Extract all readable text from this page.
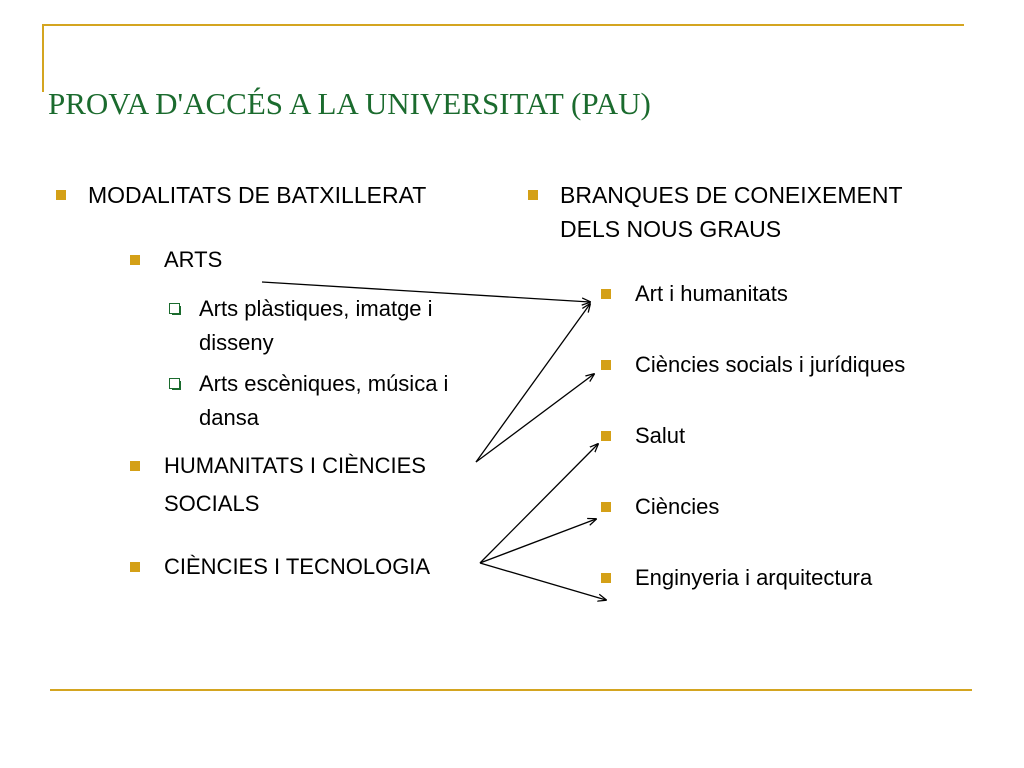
PROVA D'ACCÉS A LA UNIVERSITAT (PAU)
MODALITATS DE BATXILLERAT
ARTS
Arts plàstiques, imatge i
disseny
Arts escèniques, música i
dansa
HUMANITATS I CIÈNCIES
SOCIALS
CIÈNCIES I TECNOLOGIA
BRANQUES DE CONEIXEMENT
DELS NOUS GRAUS
Art i humanitats
Ciències socials i jurídiques
Salut
Ciències
Enginyeria i arquitectura
